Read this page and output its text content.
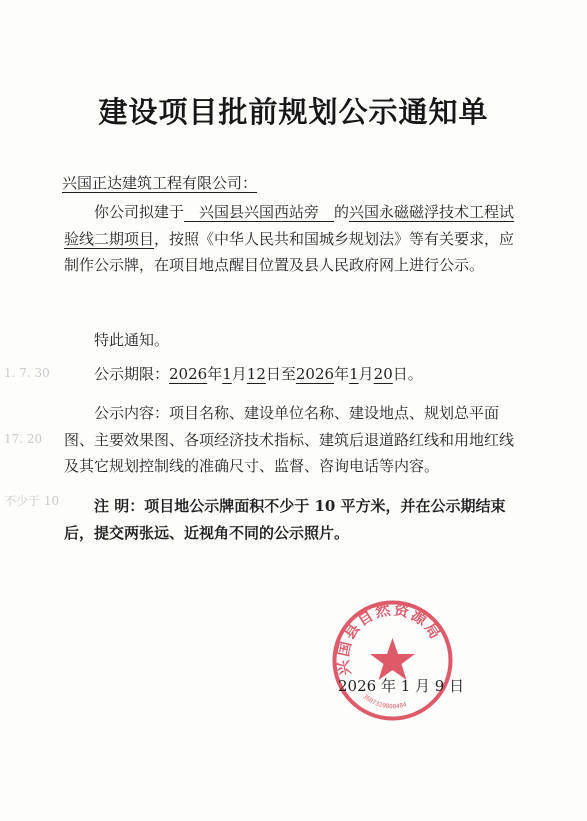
1. 7. 30
17. 20
不少于 10
建设项目批前规划公示通知单
兴国正达建筑工程有限公司：

你公司拟建于　兴国县兴国西站旁　的兴国永磁磁浮技术工程试验线二期项目，按照《中华人民共和国城乡规划法》等有关要求，应制作公示牌，在项目地点醒目位置及县人民政府网上进行公示。

特此通知。

公示期限：2026年1月12日至2026年1月20日。

公示内容：项目名称、建设单位名称、建设地点、规划总平面图、主要效果图、各项经济技术指标、建筑后退道路红线和用地红线及其它规划控制线的准确尺寸、监督、咨询电话等内容。

注 明：项目地公示牌面积不少于 10 平方米，并在公示期结束后，提交两张远、近视角不同的公示照片。

兴国县自然资源局
3607320800484
2026 年 1 月 9 日
